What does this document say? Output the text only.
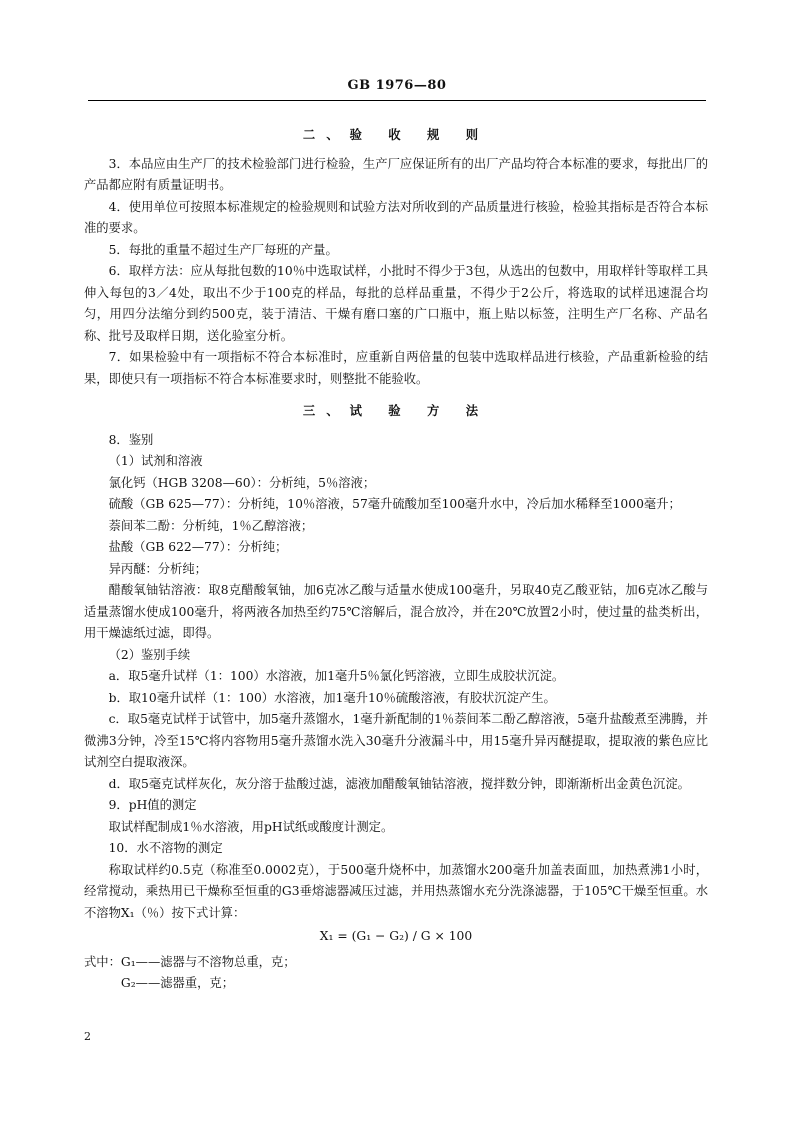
GB 1976—80

二、验 收 规 则

3．本品应由生产厂的技术检验部门进行检验，生产厂应保证所有的出厂产品均符合本标准的要求，每批出厂的产品都应附有质量证明书。

4．使用单位可按照本标准规定的检验规则和试验方法对所收到的产品质量进行核验，检验其指标是否符合本标准的要求。

5．每批的重量不超过生产厂每班的产量。

6．取样方法：应从每批包数的10％中选取试样，小批时不得少于3包，从选出的包数中，用取样针等取样工具伸入每包的3／4处，取出不少于100克的样品，每批的总样品重量，不得少于2公斤，将选取的试样迅速混合均匀，用四分法缩分到约500克，装于清洁、干燥有磨口塞的广口瓶中，瓶上贴以标签，注明生产厂名称、产品名称、批号及取样日期，送化验室分析。

7．如果检验中有一项指标不符合本标准时，应重新自两倍量的包装中选取样品进行核验，产品重新检验的结果，即使只有一项指标不符合本标准要求时，则整批不能验收。

三、试 验 方 法

8．鉴别

（1）试剂和溶液

氯化钙（HGB 3208—60）：分析纯，5％溶液；

硫酸（GB 625—77）：分析纯，10％溶液，57毫升硫酸加至100毫升水中，冷后加水稀释至1000毫升；

萘间苯二酚：分析纯，1％乙醇溶液；

盐酸（GB 622—77）：分析纯；

异丙醚：分析纯；

醋酸氧铀钴溶液：取8克醋酸氧铀，加6克冰乙酸与适量水使成100毫升，另取40克乙酸亚钴，加6克冰乙酸与适量蒸馏水使成100毫升，将两液各加热至约75℃溶解后，混合放冷，并在20℃放置2小时，使过量的盐类析出，用干燥滤纸过滤，即得。

（2）鉴别手续

a．取5毫升试样（1：100）水溶液，加1毫升5％氯化钙溶液，立即生成胶状沉淀。

b．取10毫升试样（1：100）水溶液，加1毫升10％硫酸溶液，有胶状沉淀产生。

c．取5毫克试样于试管中，加5毫升蒸馏水，1毫升新配制的1％萘间苯二酚乙醇溶液，5毫升盐酸煮至沸腾，并微沸3分钟，冷至15℃将内容物用5毫升蒸馏水洗入30毫升分液漏斗中，用15毫升异丙醚提取，提取液的紫色应比试剂空白提取液深。

d．取5毫克试样灰化，灰分溶于盐酸过滤，滤液加醋酸氧铀钴溶液，搅拌数分钟，即渐渐析出金黄色沉淀。

9．pH值的测定

取试样配制成1％水溶液，用pH试纸或酸度计测定。

10．水不溶物的测定

称取试样约0.5克（称准至0.0002克），于500毫升烧杯中，加蒸馏水200毫升加盖表面皿，加热煮沸1小时，经常搅动，乘热用已干燥称至恒重的G3垂熔滤器减压过滤，并用热蒸馏水充分洗涤滤器，于105℃干燥至恒重。水不溶物X₁（％）按下式计算：

X₁ = (G₁ − G₂) / G × 100

式中：G₁——滤器与不溶物总重，克；

G₂——滤器重，克；

2
